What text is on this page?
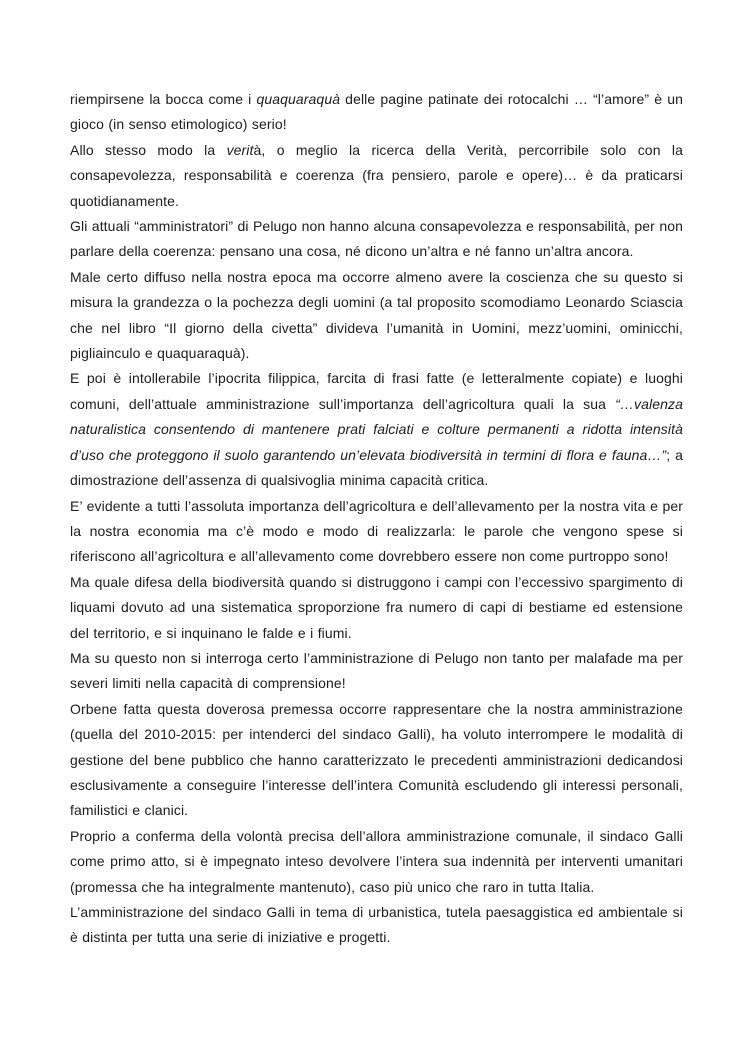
riempirsene la bocca come i quaquaraquà delle pagine patinate dei rotocalchi … “l’amore” è un gioco (in senso etimologico) serio!

Allo stesso modo la verità, o meglio la ricerca della Verità, percorribile solo con la consapevolezza, responsabilità e coerenza (fra pensiero, parole e opere)… è da praticarsi quotidianamente.

Gli attuali “amministratori” di Pelugo non hanno alcuna consapevolezza e responsabilità, per non parlare della coerenza: pensano una cosa, né dicono un’altra e né fanno un’altra ancora.

Male certo diffuso nella nostra epoca ma occorre almeno avere la coscienza che su questo si misura la grandezza o la pochezza degli uomini (a tal proposito scomodiamo Leonardo Sciascia che nel libro “Il giorno della civetta” divideva l’umanità in Uomini, mezz’uomini, ominicchi, pigliainculo e quaquaraquà).

E poi è intollerabile l’ipocrita filippica, farcita di frasi fatte (e letteralmente copiate) e luoghi comuni, dell’attuale amministrazione sull’importanza dell’agricoltura quali la sua “…valenza naturalistica consentendo di mantenere prati falciati e colture permanenti a ridotta intensità d’uso che proteggono il suolo garantendo un’elevata biodiversità in termini di flora e fauna…”; a dimostrazione dell’assenza di qualsivoglia minima capacità critica.

E’ evidente a tutti l’assoluta importanza dell’agricoltura e dell’allevamento per la nostra vita e per la nostra economia ma c’è modo e modo di realizzarla: le parole che vengono spese si riferiscono all’agricoltura e all’allevamento come dovrebbero essere non come purtroppo sono!

Ma quale difesa della biodiversità quando si distruggono i campi con l’eccessivo spargimento di liquami dovuto ad una sistematica sproporzione fra numero di capi di bestiame ed estensione del territorio, e si inquinano le falde e i fiumi.

Ma su questo non si interroga certo l’amministrazione di Pelugo non tanto per malafade ma per severi limiti nella capacità di comprensione!

Orbene fatta questa doverosa premessa occorre rappresentare che la nostra amministrazione (quella del 2010-2015: per intenderci del sindaco Galli), ha voluto interrompere le modalità di gestione del bene pubblico che hanno caratterizzato le precedenti amministrazioni dedicandosi esclusivamente a conseguire l’interesse dell’intera Comunità escludendo gli interessi personali, familistici e clanici.

Proprio a conferma della volontà precisa dell’allora amministrazione comunale, il sindaco Galli come primo atto, si è impegnato inteso devolvere l’intera sua indennità per interventi umanitari (promessa che ha integralmente mantenuto), caso più unico che raro in tutta Italia.

L’amministrazione del sindaco Galli in tema di urbanistica, tutela paesaggistica ed ambientale si è distinta per tutta una serie di iniziative e progetti.
